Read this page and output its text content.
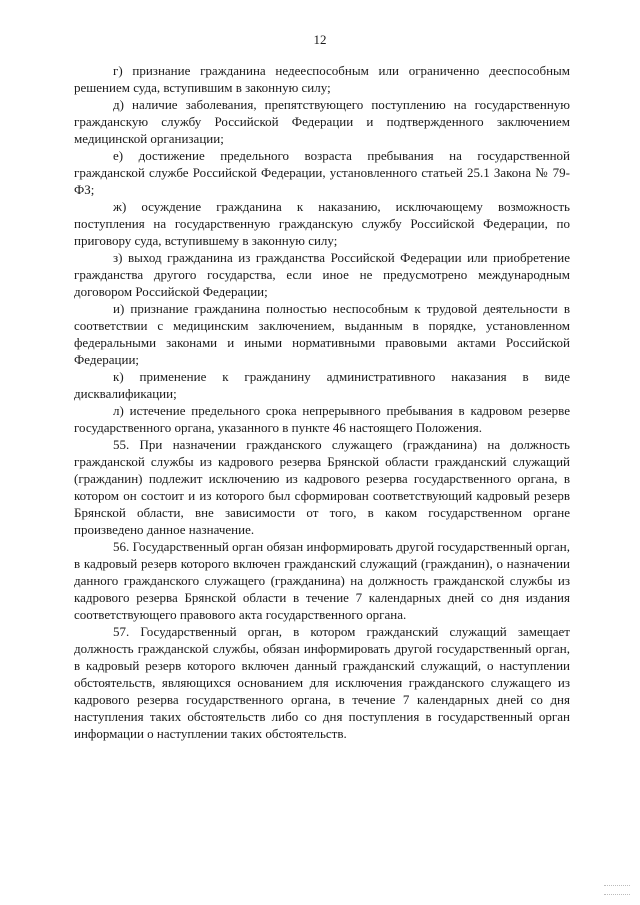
12

г) признание гражданина недееспособным или ограниченно дееспособным решением суда, вступившим в законную силу;

д) наличие заболевания, препятствующего поступлению на государственную гражданскую службу Российской Федерации и подтвержденного заключением медицинской организации;

е) достижение предельного возраста пребывания на государственной гражданской службе Российской Федерации, установленного статьей 25.1 Закона № 79-ФЗ;

ж) осуждение гражданина к наказанию, исключающему возможность поступления на государственную гражданскую службу Российской Федерации, по приговору суда, вступившему в законную силу;

з) выход гражданина из гражданства Российской Федерации или приобретение гражданства другого государства, если иное не предусмотрено международным договором Российской Федерации;

и) признание гражданина полностью неспособным к трудовой деятельности в соответствии с медицинским заключением, выданным в порядке, установленном федеральными законами и иными нормативными правовыми актами Российской Федерации;

к) применение к гражданину административного наказания в виде дисквалификации;

л) истечение предельного срока непрерывного пребывания в кадровом резерве государственного органа, указанного в пункте 46 настоящего Положения.

55. При назначении гражданского служащего (гражданина) на должность гражданской службы из кадрового резерва Брянской области гражданский служащий (гражданин) подлежит исключению из кадрового резерва государственного органа, в котором он состоит и из которого был сформирован соответствующий кадровый резерв Брянской области, вне зависимости от того, в каком государственном органе произведено данное назначение.

56. Государственный орган обязан информировать другой государственный орган, в кадровый резерв которого включен гражданский служащий (гражданин), о назначении данного гражданского служащего (гражданина) на должность гражданской службы из кадрового резерва Брянской области в течение 7 календарных дней со дня издания соответствующего правового акта государственного органа.

57. Государственный орган, в котором гражданский служащий замещает должность гражданской службы, обязан информировать другой государственный орган, в кадровый резерв которого включен данный гражданский служащий, о наступлении обстоятельств, являющихся основанием для исключения гражданского служащего из кадрового резерва государственного органа, в течение 7 календарных дней со дня наступления таких обстоятельств либо со дня поступления в государственный орган информации о наступлении таких обстоятельств.
